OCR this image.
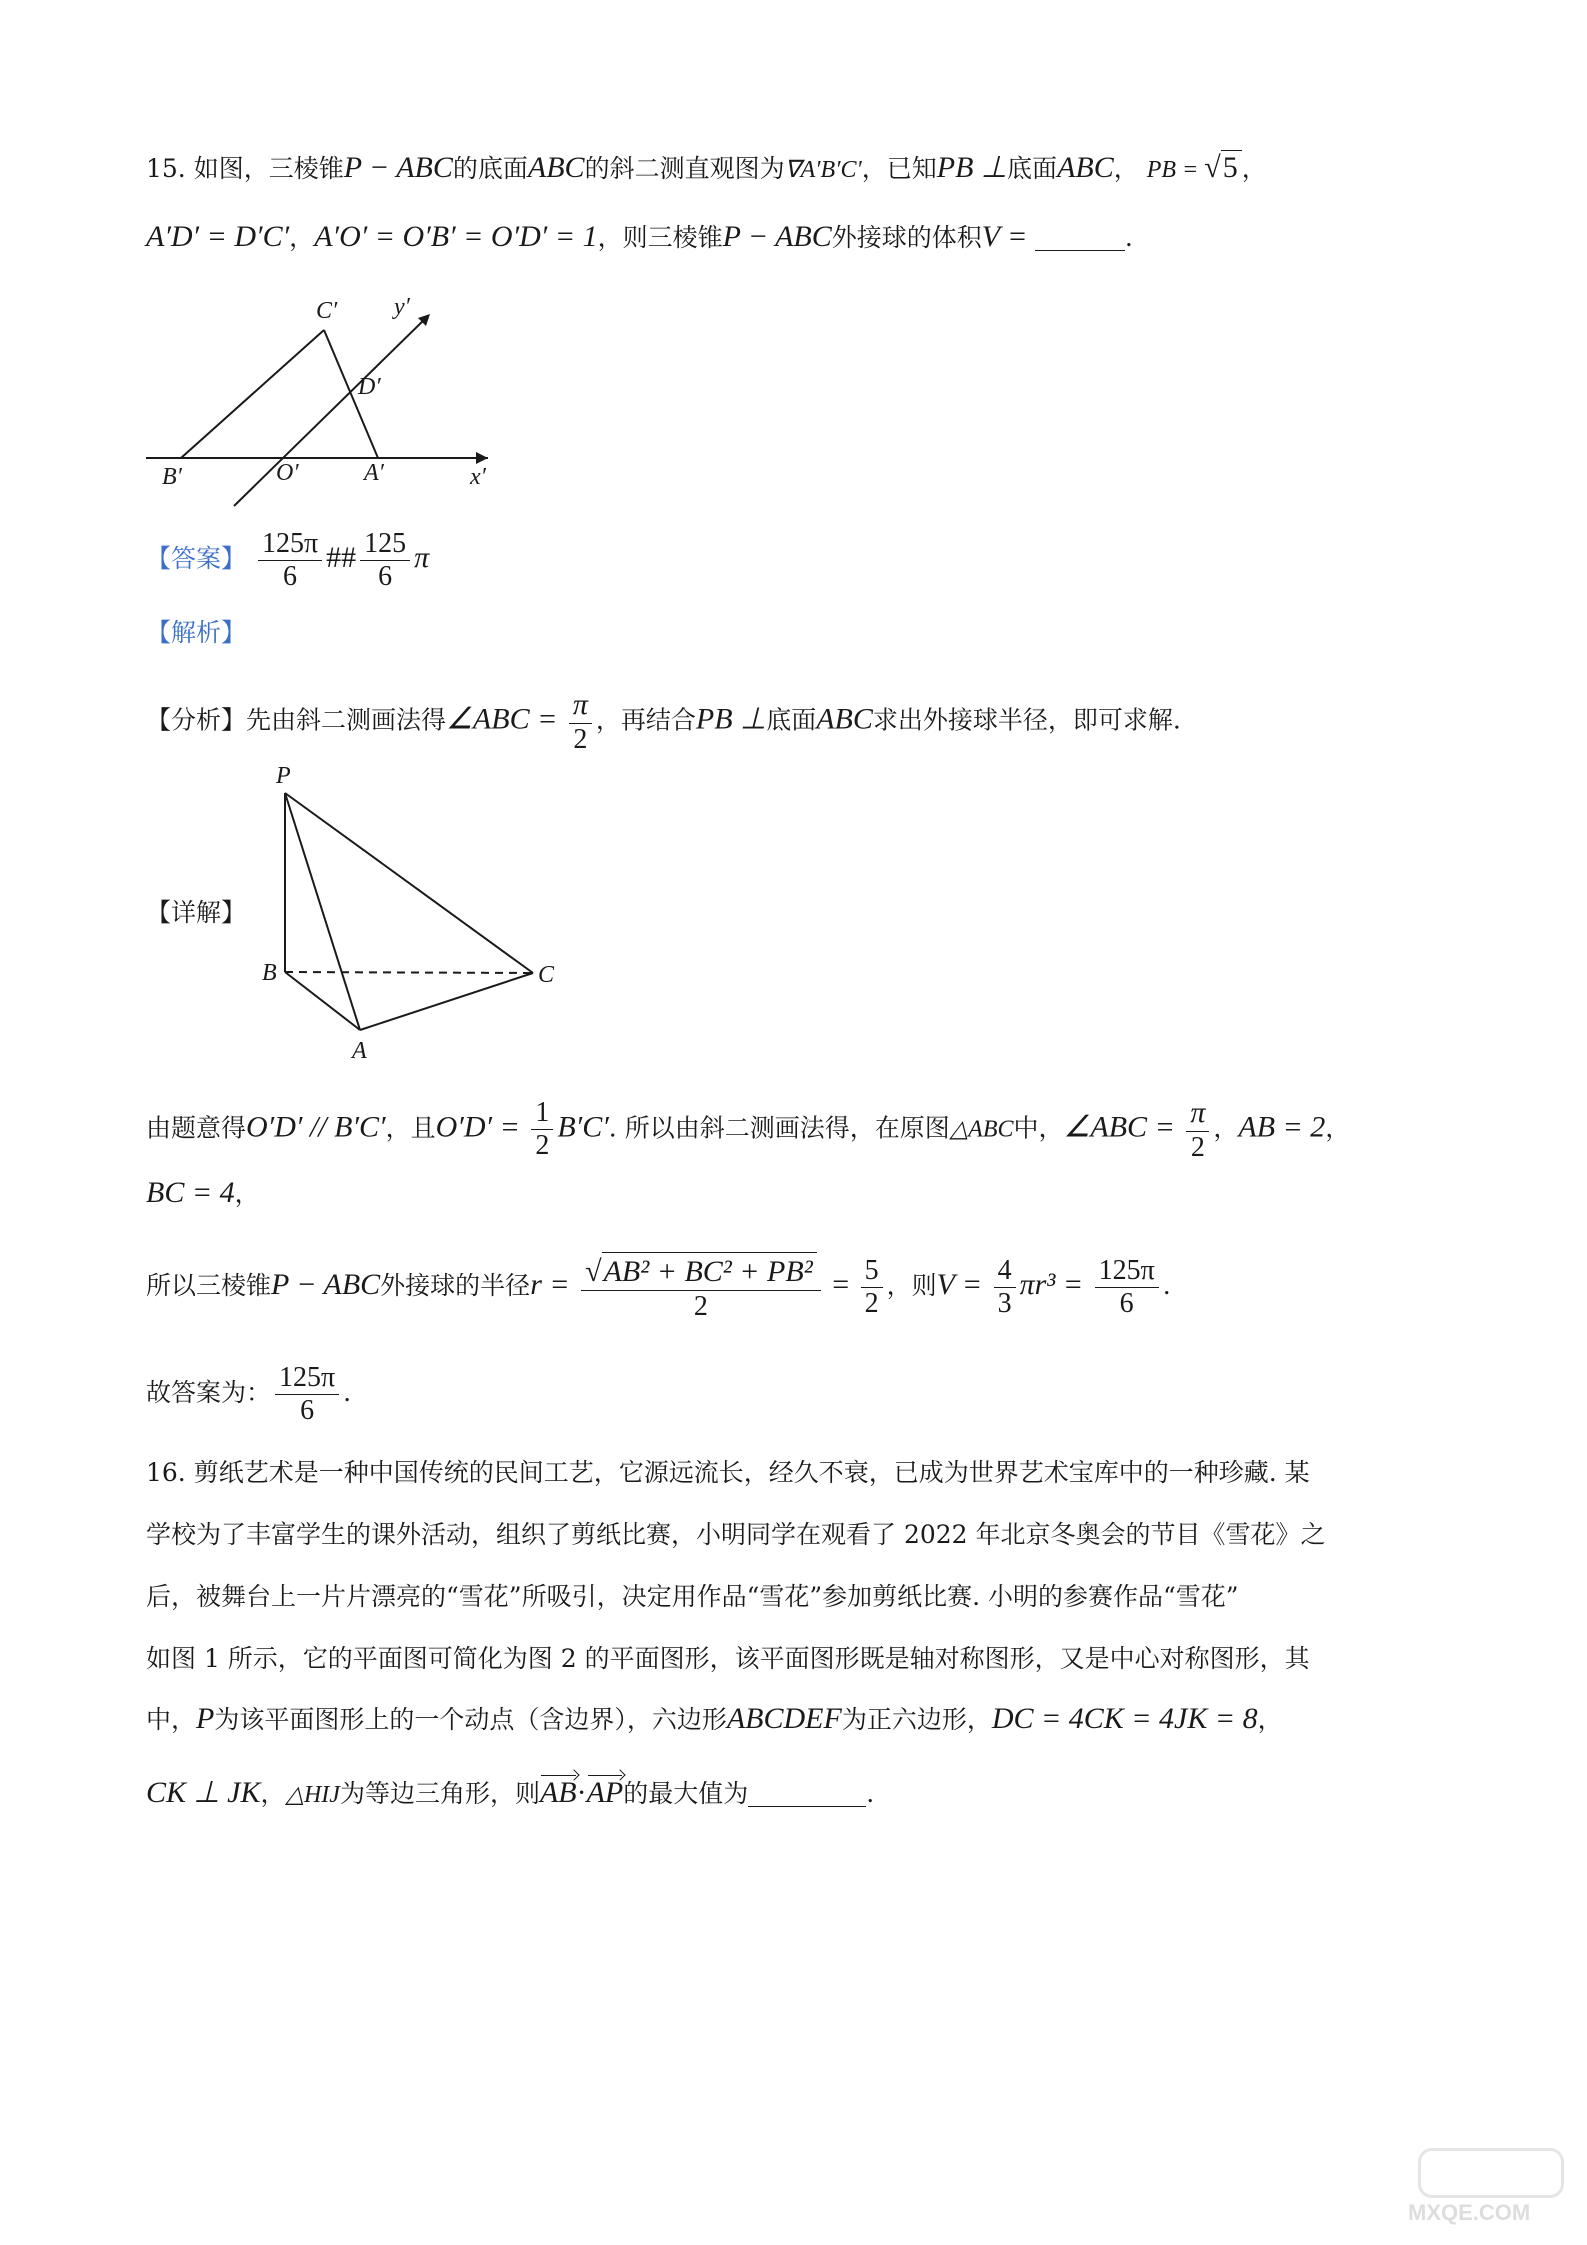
15. 如图，三棱锥P − ABC的底面ABC的斜二测直观图为∇A′B′C′，已知PB ⊥底面ABC， PB = √5 ，
A′D′ = D′C′，A′O′ = O′B′ = O′D′ = 1，则三棱锥P − ABC外接球的体积V =	.
C′ y′
D′
B′	O′	A′	x′
【答案】 $\frac{125\pi}{6}$ ## $\frac{125}{6}$ π
【解析】
【分析】先由斜二测画法得∠ABC = $\frac{\pi}{2}$ ，再结合PB ⊥底面ABC求出外接球半径，即可求解.
【详解】
P
B	C
A
由题意得O′D′ // B′C′，且$O'D' = \frac{1}{2} B'C'$. 所以由斜二测画法得，在原图△ABC中，∠ABC = $\frac{\pi}{2}$ ，AB = 2，
BC = 4，
所以三棱锥P − ABC外接球的半径$r = \frac{\text{√AB² + BC² + PB²}}{2} = \frac{5}{2}$ ，则$V = \frac{4}{3} \pi r^3 = \frac{125\pi}{6}$ .
故答案为： $\frac{125\pi}{6}$ .
16. 剪纸艺术是一种中国传统的民间工艺，它源远流长，经久不衰，已成为世界艺术宝库中的一种珍藏. 某
学校为了丰富学生的课外活动，组织了剪纸比赛，小明同学在观看了 2022 年北京冬奥会的节目《雪花》之
后，被舞台上一片片漂亮的“雪花”所吸引，决定用作品“雪花”参加剪纸比赛. 小明的参赛作品“雪花”
如图 1 所示，它的平面图可简化为图 2 的平面图形，该平面图形既是轴对称图形，又是中心对称图形，其
中，P为该平面图形上的一个动点（含边界），六边形ABCDEF为正六边形，DC = 4CK = 4JK = 8，
CK ⊥ JK，△HIJ为等边三角形，则AB·AP的最大值为	.
MXQE.COM
